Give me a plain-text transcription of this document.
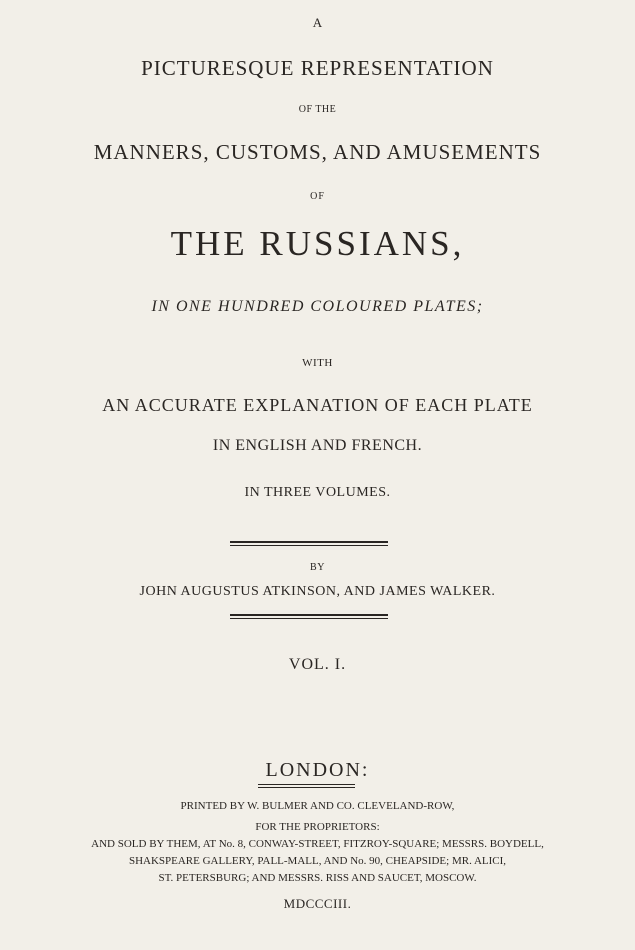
A
PICTURESQUE REPRESENTATION
OF THE
MANNERS, CUSTOMS, AND AMUSEMENTS
OF
THE RUSSIANS,
IN ONE HUNDRED COLOURED PLATES;
WITH
AN ACCURATE EXPLANATION OF EACH PLATE
IN ENGLISH AND FRENCH.
IN THREE VOLUMES.
BY
JOHN AUGUSTUS ATKINSON, AND JAMES WALKER.
VOL. I.
LONDON:
PRINTED BY W. BULMER AND CO. CLEVELAND-ROW,
FOR THE PROPRIETORS:
AND SOLD BY THEM, AT No. 8, CONWAY-STREET, FITZROY-SQUARE; MESSRS. BOYDELL,
SHAKSPEARE GALLERY, PALL-MALL, AND No. 90, CHEAPSIDE; MR. ALICI,
ST. PETERSBURG; AND MESSRS. RISS AND SAUCET, MOSCOW.
MDCCCIII.
